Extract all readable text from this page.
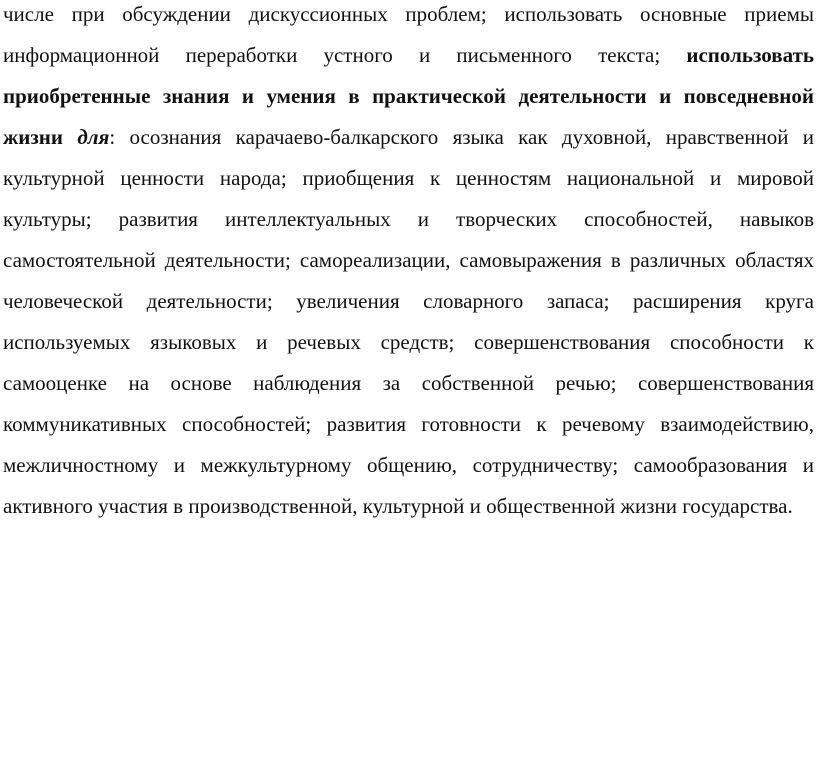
числе при обсуждении дискуссионных проблем; использовать основные приемы информационной переработки устного и письменного текста; использовать приобретенные знания и умения в практической деятельности и повседневной жизни для: осознания карачаево-балкарского языка как духовной, нравственной и культурной ценности народа; приобщения к ценностям национальной и мировой культуры; развития интеллектуальных и творческих способностей, навыков самостоятельной деятельности; самореализации, самовыражения в различных областях человеческой деятельности; увеличения словарного запаса; расширения круга используемых языковых и речевых средств; совершенствования способности к самооценке на основе наблюдения за собственной речью; совершенствования коммуникативных способностей; развития готовности к речевому взаимодействию, межличностному и межкультурному общению, сотрудничеству; самообразования и активного участия в производственной, культурной и общественной жизни государства.
